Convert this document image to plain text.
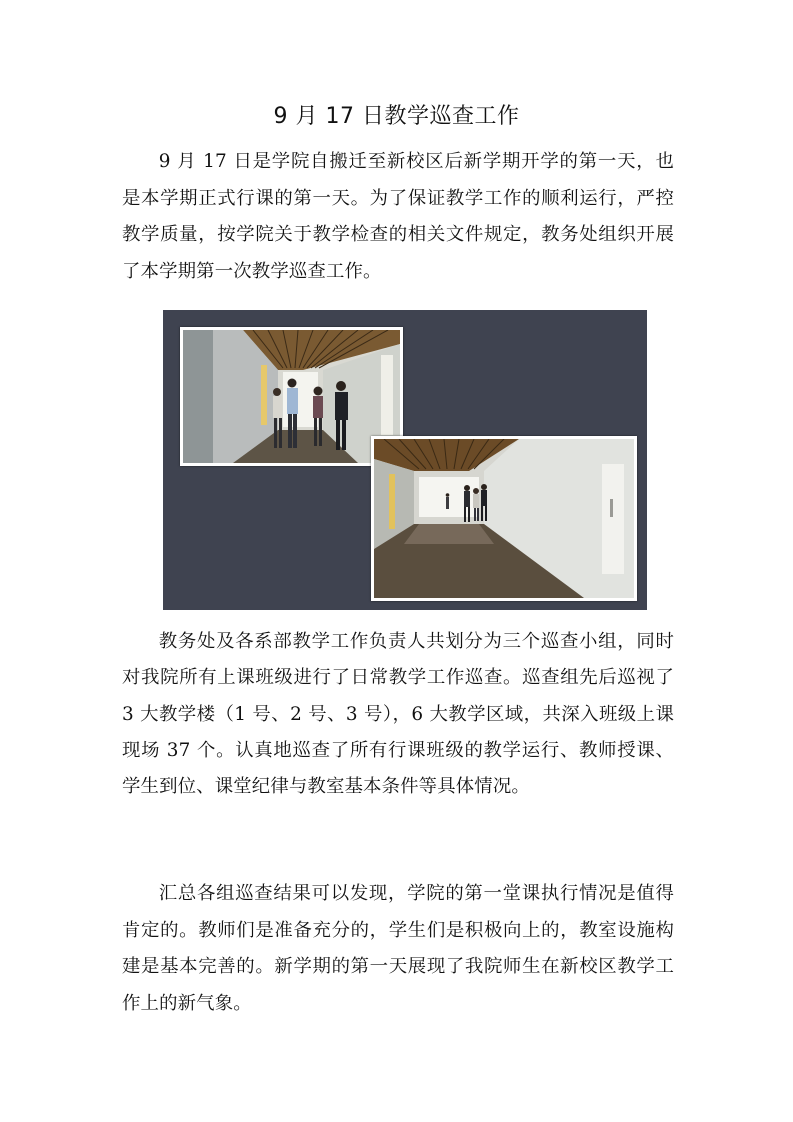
9 月 17 日教学巡查工作

9 月 17 日是学院自搬迁至新校区后新学期开学的第一天，也是本学期正式行课的第一天。为了保证教学工作的顺利运行，严控教学质量，按学院关于教学检查的相关文件规定，教务处组织开展了本学期第一次教学巡查工作。

教务处及各系部教学工作负责人共划分为三个巡查小组，同时对我院所有上课班级进行了日常教学工作巡查。巡查组先后巡视了 3 大教学楼（1 号、2 号、3 号），6 大教学区域，共深入班级上课现场 37 个。认真地巡查了所有行课班级的教学运行、教师授课、学生到位、课堂纪律与教室基本条件等具体情况。

汇总各组巡查结果可以发现，学院的第一堂课执行情况是值得肯定的。教师们是准备充分的，学生们是积极向上的，教室设施构建是基本完善的。新学期的第一天展现了我院师生在新校区教学工作上的新气象。
